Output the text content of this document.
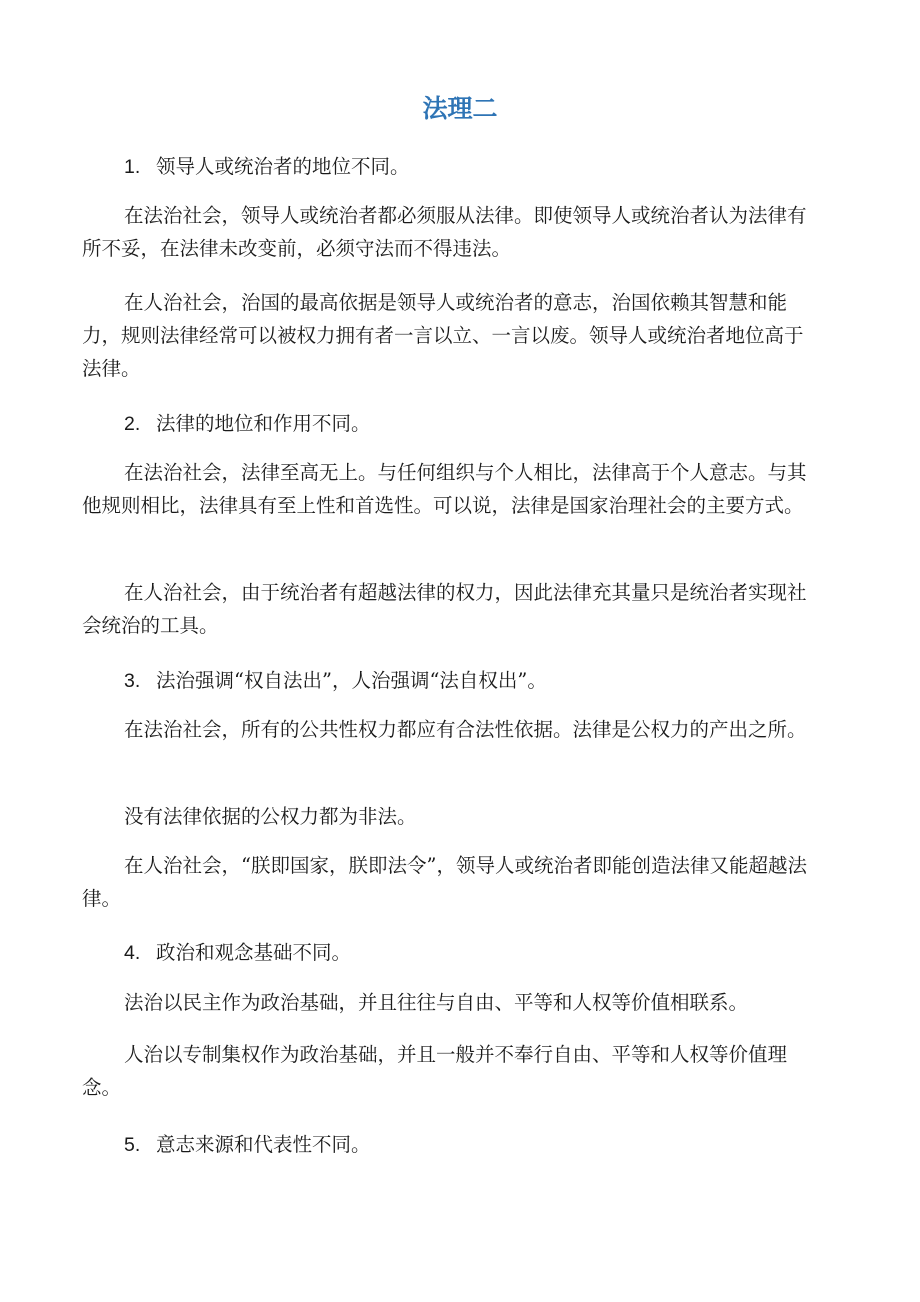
法理二

1. 领导人或统治者的地位不同。

在法治社会，领导人或统治者都必须服从法律。即使领导人或统治者认为法律有所不妥，在法律未改变前，必须守法而不得违法。

在人治社会，治国的最高依据是领导人或统治者的意志，治国依赖其智慧和能力，规则法律经常可以被权力拥有者一言以立、一言以废。领导人或统治者地位高于法律。

2. 法律的地位和作用不同。

在法治社会，法律至高无上。与任何组织与个人相比，法律高于个人意志。与其他规则相比，法律具有至上性和首选性。可以说，法律是国家治理社会的主要方式。

在人治社会，由于统治者有超越法律的权力，因此法律充其量只是统治者实现社会统治的工具。

3. 法治强调“权自法出”，人治强调“法自权出”。

在法治社会，所有的公共性权力都应有合法性依据。法律是公权力的产出之所。

没有法律依据的公权力都为非法。

在人治社会，“朕即国家，朕即法令”，领导人或统治者即能创造法律又能超越法律。

4. 政治和观念基础不同。

法治以民主作为政治基础，并且往往与自由、平等和人权等价值相联系。

人治以专制集权作为政治基础，并且一般并不奉行自由、平等和人权等价值理念。

5. 意志来源和代表性不同。
